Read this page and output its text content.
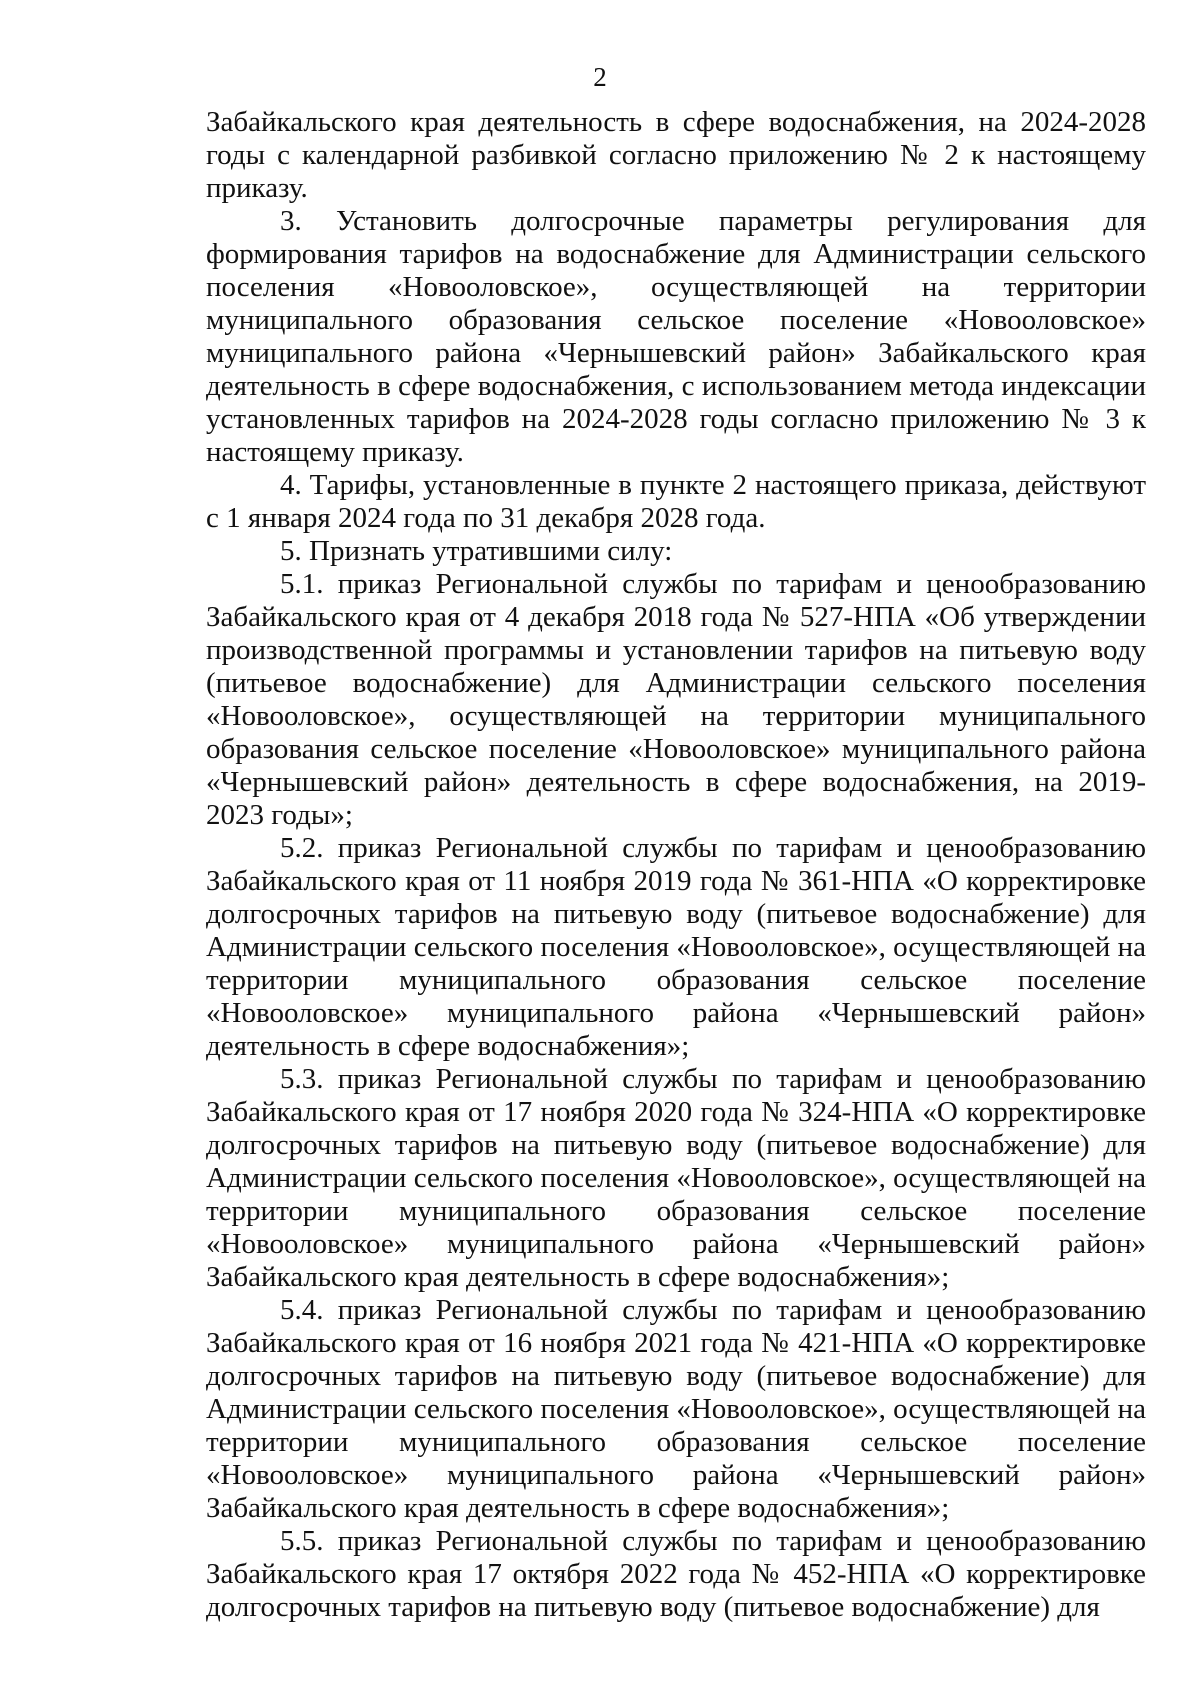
2

Забайкальского края деятельность в сфере водоснабжения, на 2024-2028 годы с календарной разбивкой согласно приложению № 2 к настоящему приказу.

3. Установить долгосрочные параметры регулирования для формирования тарифов на водоснабжение для Администрации сельского поселения «Новооловское», осуществляющей на территории муниципального образования сельское поселение «Новооловское» муниципального района «Чернышевский район» Забайкальского края деятельность в сфере водоснабжения, с использованием метода индексации установленных тарифов на 2024-2028 годы согласно приложению № 3 к настоящему приказу.

4. Тарифы, установленные в пункте 2 настоящего приказа, действуют с 1 января 2024 года по 31 декабря 2028 года.

5. Признать утратившими силу:

5.1. приказ Региональной службы по тарифам и ценообразованию Забайкальского края от 4 декабря 2018 года № 527-НПА «Об утверждении производственной программы и установлении тарифов на питьевую воду (питьевое водоснабжение) для Администрации сельского поселения «Новооловское», осуществляющей на территории муниципального образования сельское поселение «Новооловское» муниципального района «Чернышевский район» деятельность в сфере водоснабжения, на 2019-2023 годы»;

5.2. приказ Региональной службы по тарифам и ценообразованию Забайкальского края от 11 ноября 2019 года № 361-НПА «О корректировке долгосрочных тарифов на питьевую воду (питьевое водоснабжение) для Администрации сельского поселения «Новооловское», осуществляющей на территории муниципального образования сельское поселение «Новооловское» муниципального района «Чернышевский район» деятельность в сфере водоснабжения»;

5.3. приказ Региональной службы по тарифам и ценообразованию Забайкальского края от 17 ноября 2020 года № 324-НПА «О корректировке долгосрочных тарифов на питьевую воду (питьевое водоснабжение) для Администрации сельского поселения «Новооловское», осуществляющей на территории муниципального образования сельское поселение «Новооловское» муниципального района «Чернышевский район» Забайкальского края деятельность в сфере водоснабжения»;

5.4. приказ Региональной службы по тарифам и ценообразованию Забайкальского края от 16 ноября 2021 года № 421-НПА «О корректировке долгосрочных тарифов на питьевую воду (питьевое водоснабжение) для Администрации сельского поселения «Новооловское», осуществляющей на территории муниципального образования сельское поселение «Новооловское» муниципального района «Чернышевский район» Забайкальского края деятельность в сфере водоснабжения»;

5.5. приказ Региональной службы по тарифам и ценообразованию Забайкальского края 17 октября 2022 года № 452-НПА «О корректировке долгосрочных тарифов на питьевую воду (питьевое водоснабжение) для
